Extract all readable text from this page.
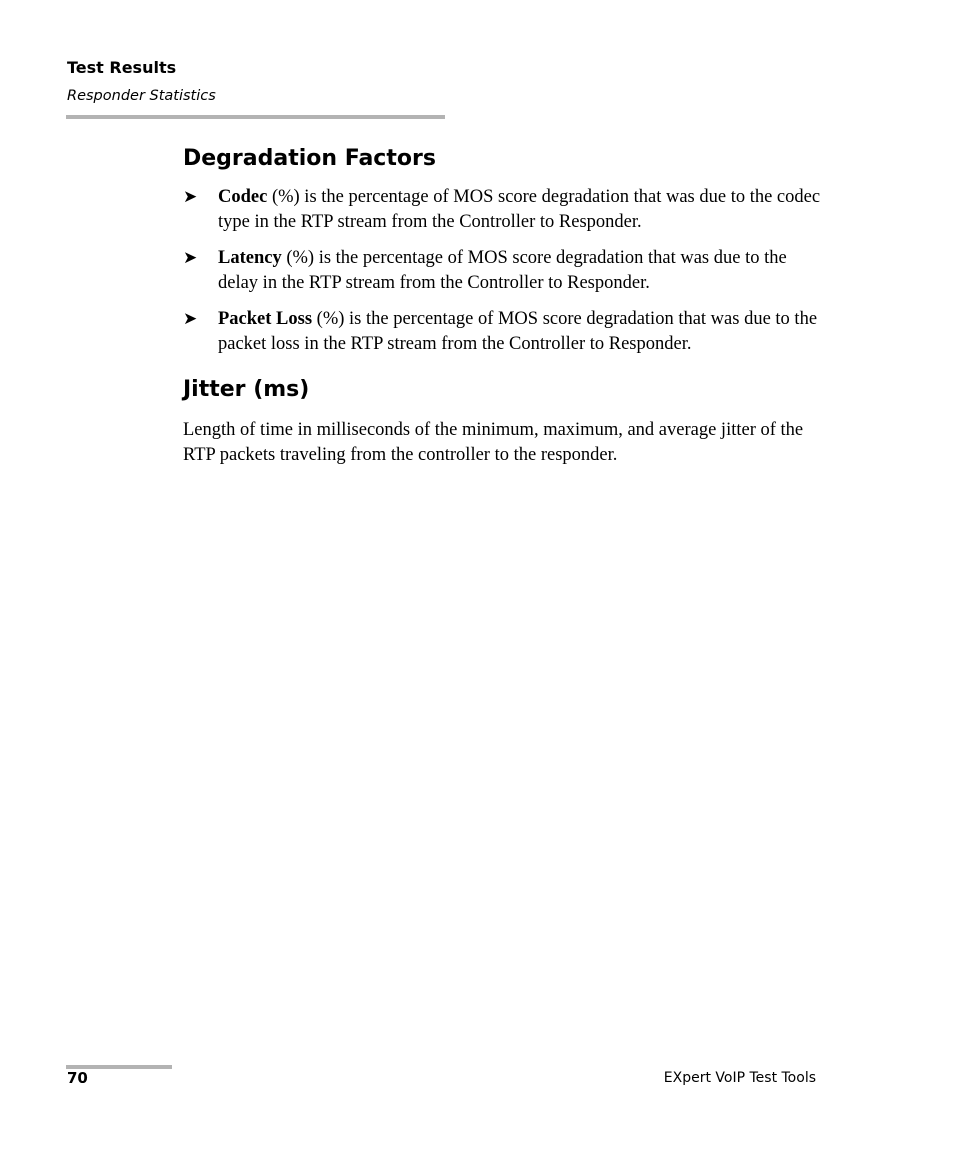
Test Results
Responder Statistics
Degradation Factors
➤ Codec (%) is the percentage of MOS score degradation that was due to the codec type in the RTP stream from the Controller to Responder.
➤ Latency (%) is the percentage of MOS score degradation that was due to the delay in the RTP stream from the Controller to Responder.
➤ Packet Loss (%) is the percentage of MOS score degradation that was due to the packet loss in the RTP stream from the Controller to Responder.
Jitter (ms)

Length of time in milliseconds of the minimum, maximum, and average jitter of the RTP packets traveling from the controller to the responder.

70	EXpert VoIP Test Tools
